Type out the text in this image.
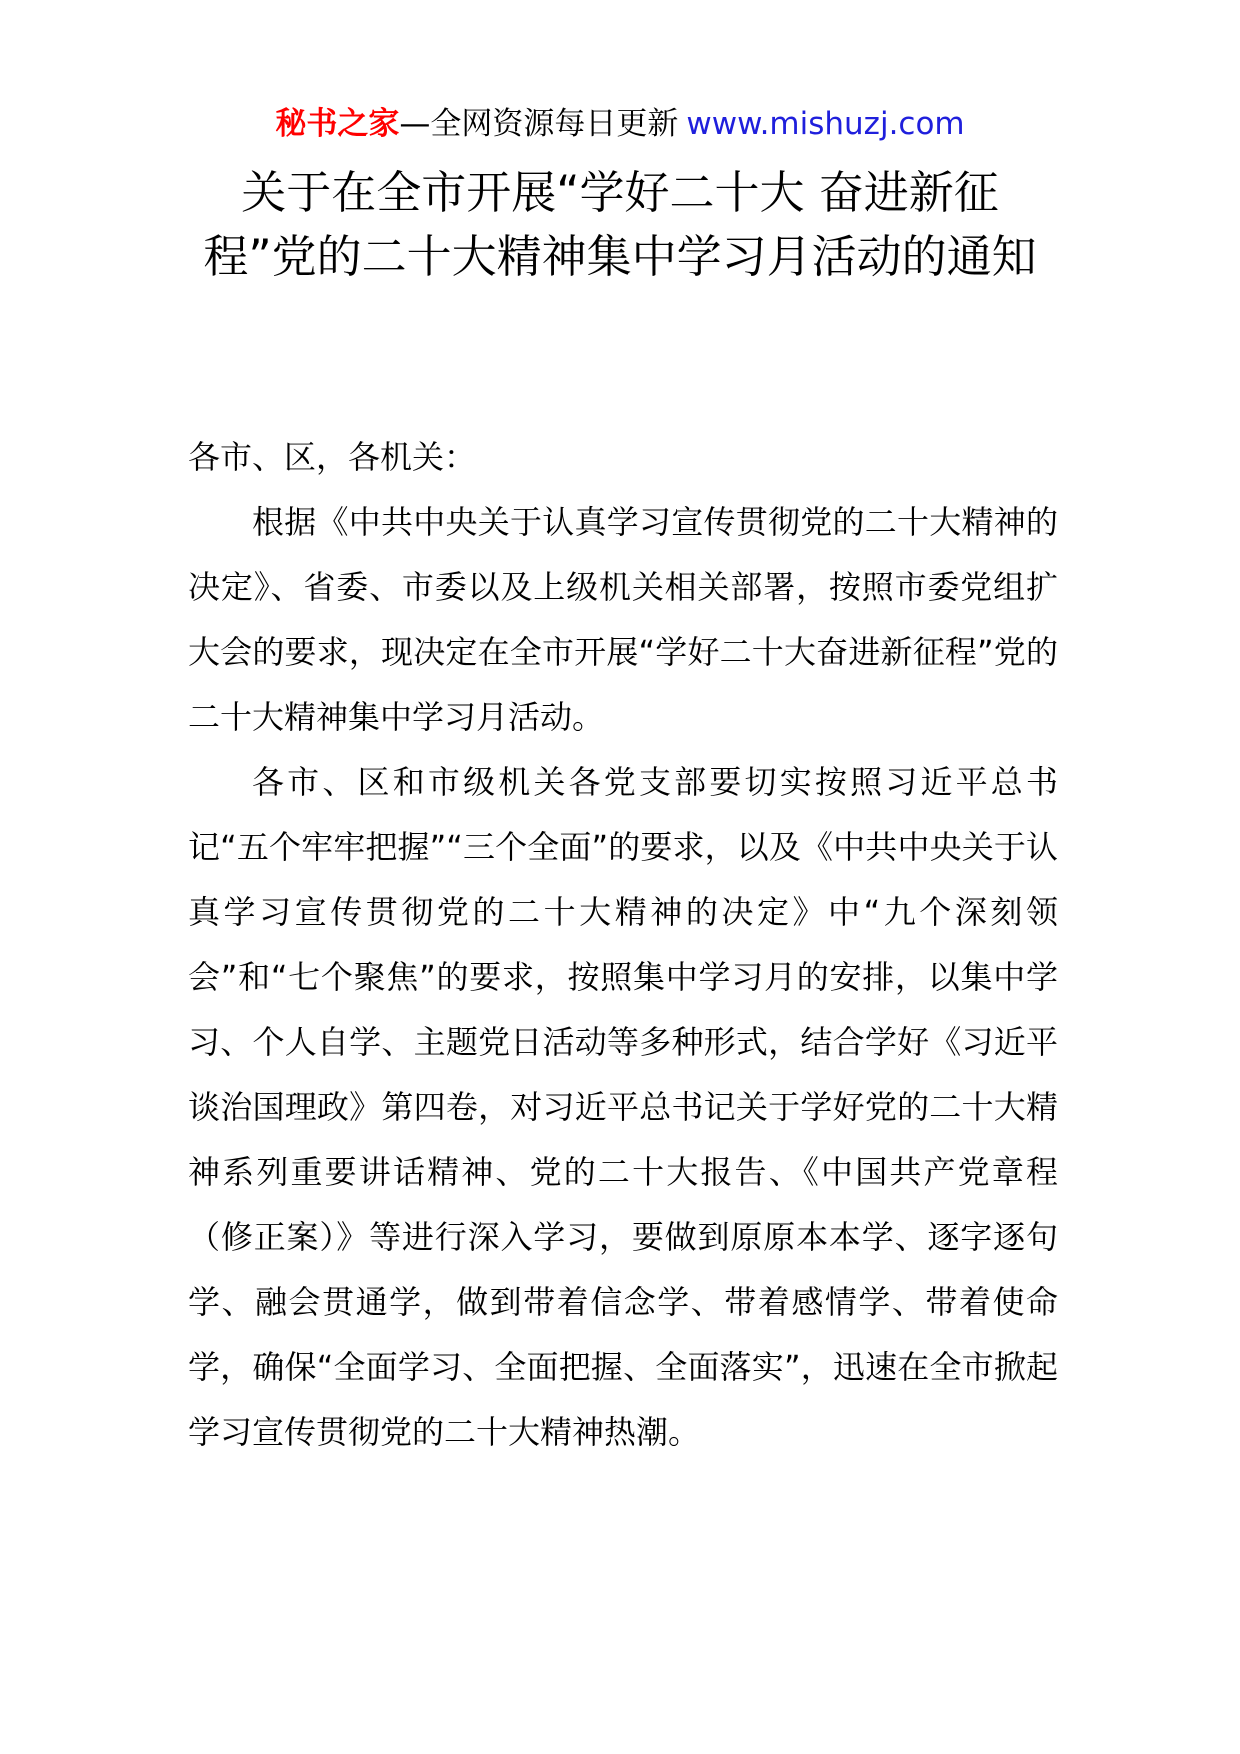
秘书之家—全网资源每日更新 www.mishuzj.com
关于在全市开展“学好二十大 奋进新征程”党的二十大精神集中学习月活动的通知

各市、区，各机关：

根据《中共中央关于认真学习宣传贯彻党的二十大精神的决定》、省委、市委以及上级机关相关部署，按照市委党组扩大会的要求，现决定在全市开展“学好二十大奋进新征程”党的二十大精神集中学习月活动。

各市、区和市级机关各党支部要切实按照习近平总书记“五个牢牢把握”“三个全面”的要求，以及《中共中央关于认真学习宣传贯彻党的二十大精神的决定》中“九个深刻领会”和“七个聚焦”的要求，按照集中学习月的安排，以集中学习、个人自学、主题党日活动等多种形式，结合学好《习近平谈治国理政》第四卷，对习近平总书记关于学好党的二十大精神系列重要讲话精神、党的二十大报告、《中国共产党章程（修正案）》等进行深入学习，要做到原原本本学、逐字逐句学、融会贯通学，做到带着信念学、带着感情学、带着使命学，确保“全面学习、全面把握、全面落实”，迅速在全市掀起学习宣传贯彻党的二十大精神热潮。
